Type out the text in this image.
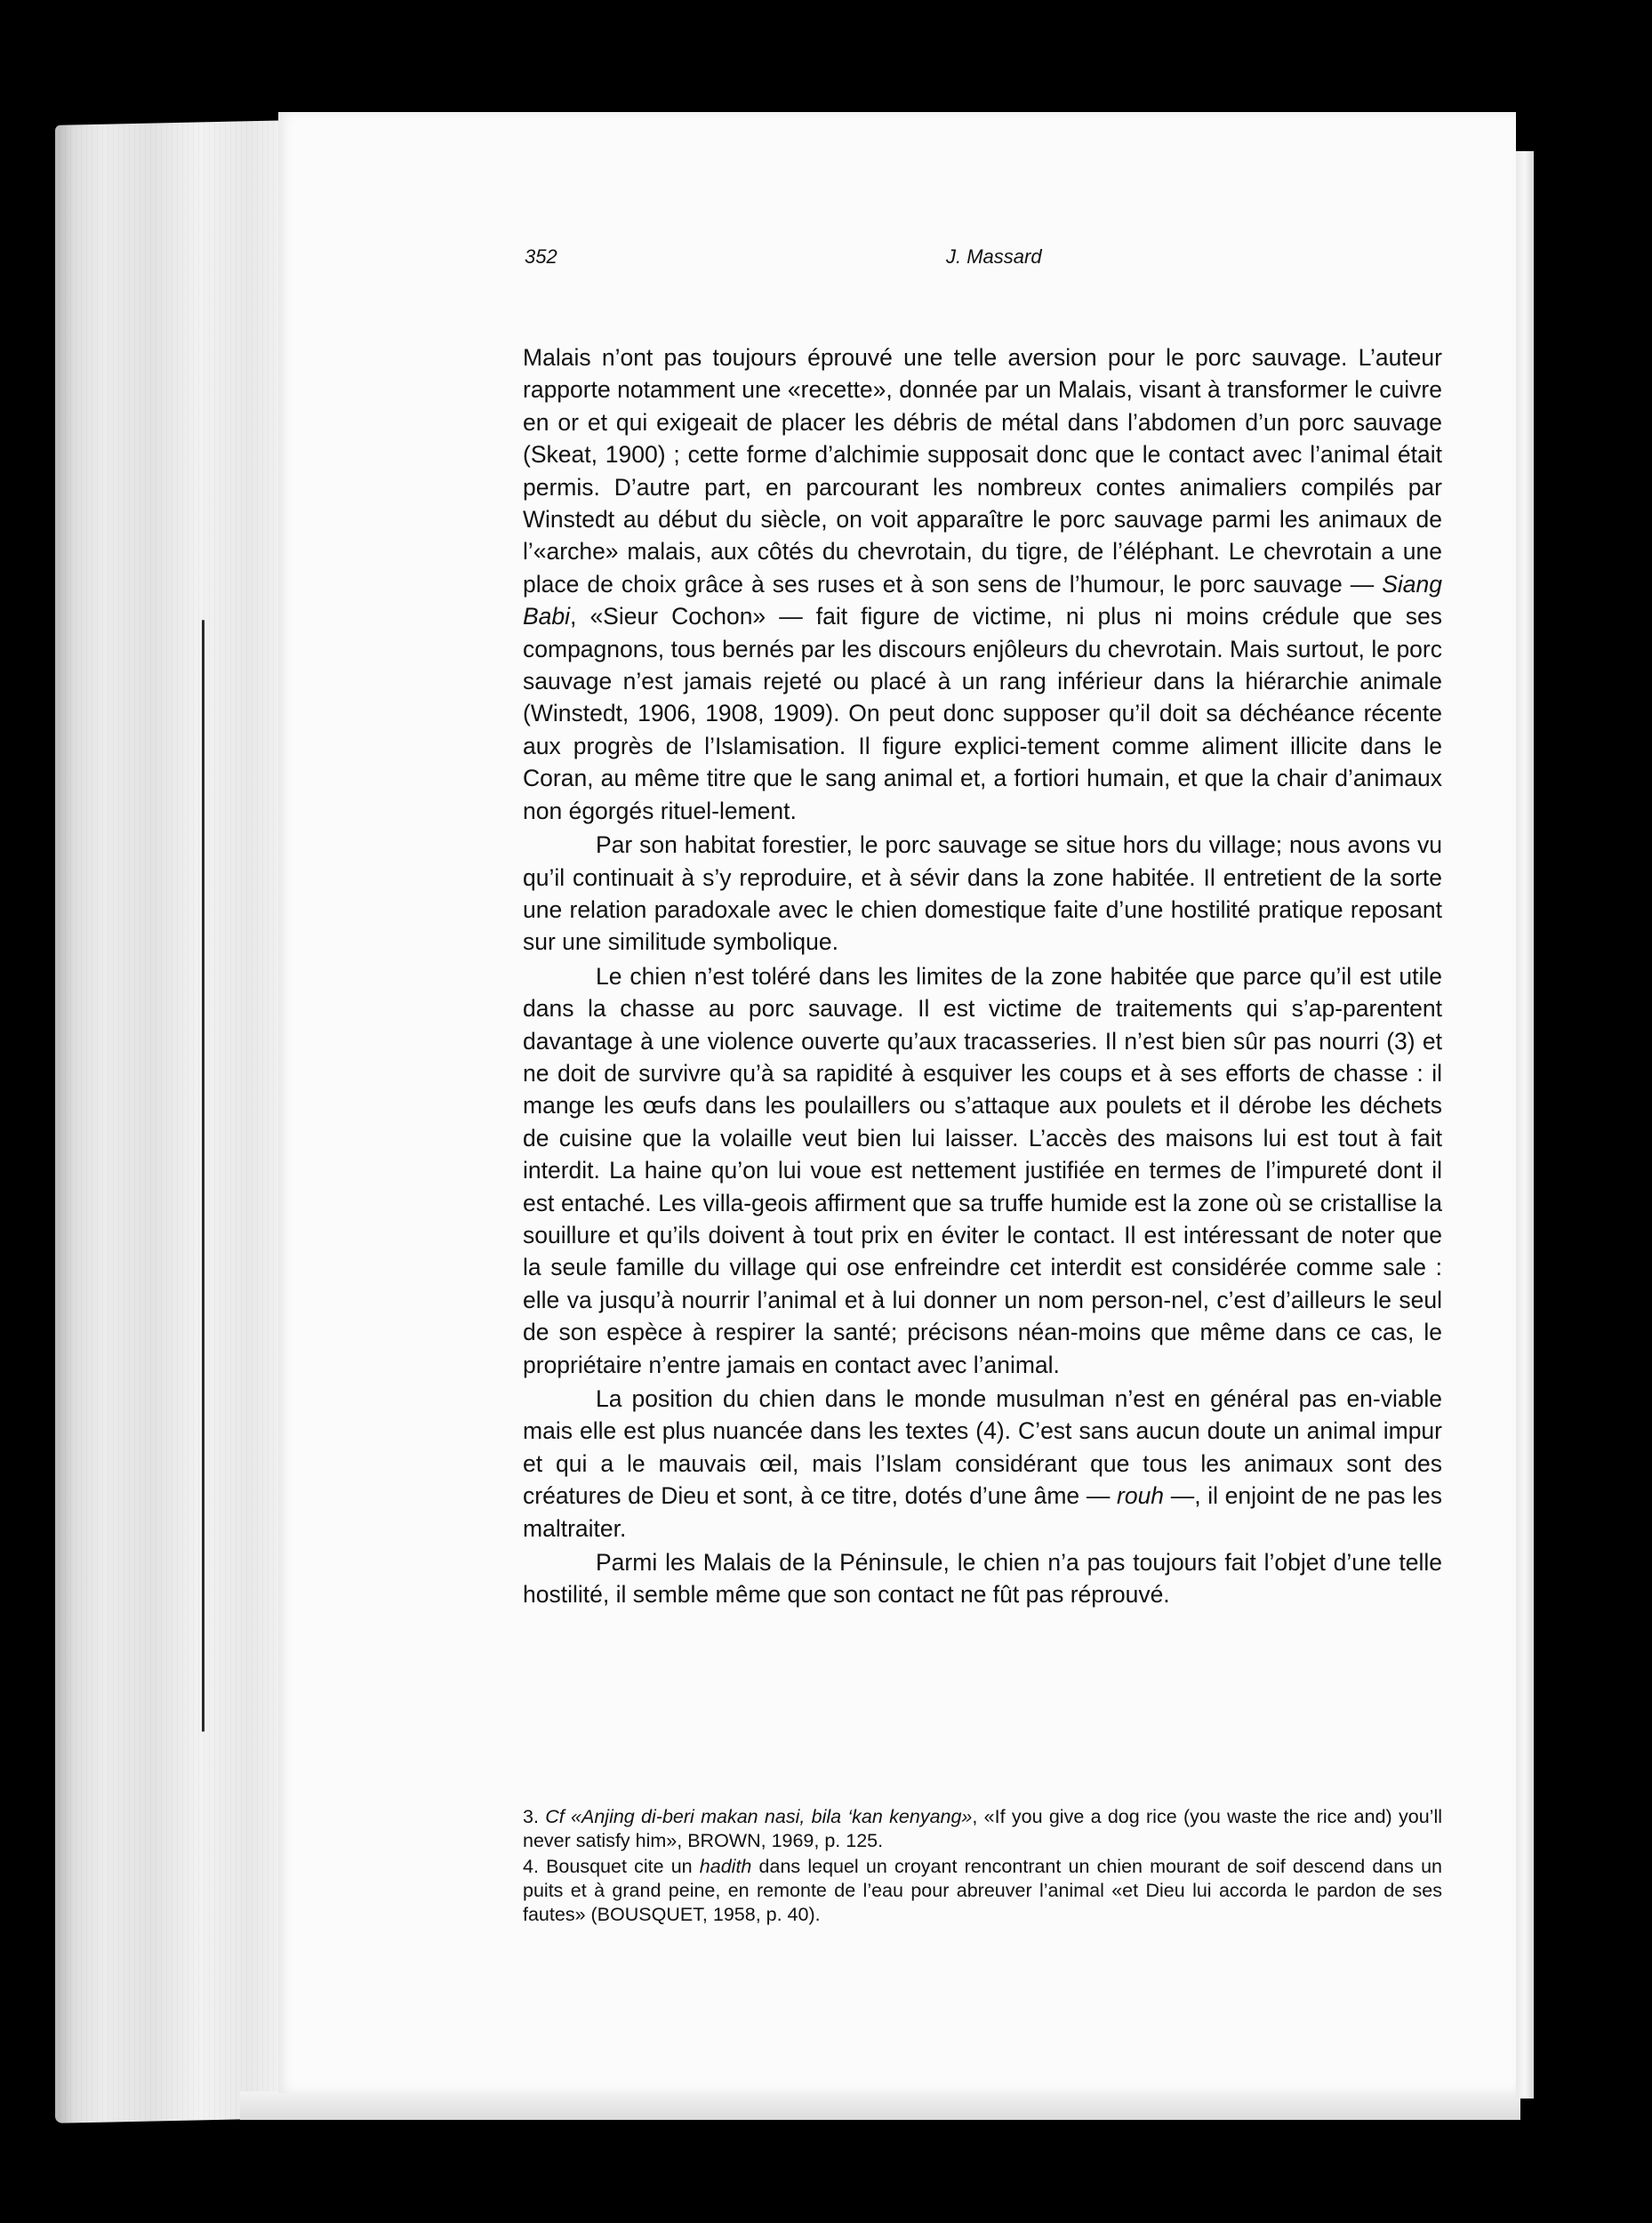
352	J. Massard

Malais n’ont pas toujours éprouvé une telle aversion pour le porc sauvage. L’auteur rapporte notamment une «recette», donnée par un Malais, visant à transformer le cuivre en or et qui exigeait de placer les débris de métal dans l’abdomen d’un porc sauvage (Skeat, 1900) ; cette forme d’alchimie supposait donc que le contact avec l’animal était permis. D’autre part, en parcourant les nombreux contes animaliers compilés par Winstedt au début du siècle, on voit apparaître le porc sauvage parmi les animaux de l’«arche» malais, aux côtés du chevrotain, du tigre, de l’éléphant. Le chevrotain a une place de choix grâce à ses ruses et à son sens de l’humour, le porc sauvage — Siang Babi, «Sieur Cochon» — fait figure de victime, ni plus ni moins crédule que ses compagnons, tous bernés par les discours enjôleurs du chevrotain. Mais surtout, le porc sauvage n’est jamais rejeté ou placé à un rang inférieur dans la hiérarchie animale (Winstedt, 1906, 1908, 1909). On peut donc supposer qu’il doit sa déchéance récente aux progrès de l’Islamisation. Il figure explici-tement comme aliment illicite dans le Coran, au même titre que le sang animal et, a fortiori humain, et que la chair d’animaux non égorgés rituel-lement.

Par son habitat forestier, le porc sauvage se situe hors du village; nous avons vu qu’il continuait à s’y reproduire, et à sévir dans la zone habitée. Il entretient de la sorte une relation paradoxale avec le chien domestique faite d’une hostilité pratique reposant sur une similitude symbolique.

Le chien n’est toléré dans les limites de la zone habitée que parce qu’il est utile dans la chasse au porc sauvage. Il est victime de traitements qui s’ap-parentent davantage à une violence ouverte qu’aux tracasseries. Il n’est bien sûr pas nourri (3) et ne doit de survivre qu’à sa rapidité à esquiver les coups et à ses efforts de chasse : il mange les œufs dans les poulaillers ou s’attaque aux poulets et il dérobe les déchets de cuisine que la volaille veut bien lui laisser. L’accès des maisons lui est tout à fait interdit. La haine qu’on lui voue est nettement justifiée en termes de l’impureté dont il est entaché. Les villa-geois affirment que sa truffe humide est la zone où se cristallise la souillure et qu’ils doivent à tout prix en éviter le contact. Il est intéressant de noter que la seule famille du village qui ose enfreindre cet interdit est considérée comme sale : elle va jusqu’à nourrir l’animal et à lui donner un nom person-nel, c’est d’ailleurs le seul de son espèce à respirer la santé; précisons néan-moins que même dans ce cas, le propriétaire n’entre jamais en contact avec l’animal.

La position du chien dans le monde musulman n’est en général pas en-viable mais elle est plus nuancée dans les textes (4). C’est sans aucun doute un animal impur et qui a le mauvais œil, mais l’Islam considérant que tous les animaux sont des créatures de Dieu et sont, à ce titre, dotés d’une âme — rouh —, il enjoint de ne pas les maltraiter.

Parmi les Malais de la Péninsule, le chien n’a pas toujours fait l’objet d’une telle hostilité, il semble même que son contact ne fût pas réprouvé.

3. Cf «Anjing di-beri makan nasi, bila ‘kan kenyang», «If you give a dog rice (you waste the rice and) you’ll never satisfy him», BROWN, 1969, p. 125.

4. Bousquet cite un hadith dans lequel un croyant rencontrant un chien mourant de soif descend dans un puits et à grand peine, en remonte de l’eau pour abreuver l’animal «et Dieu lui accorda le pardon de ses fautes» (BOUSQUET, 1958, p. 40).
